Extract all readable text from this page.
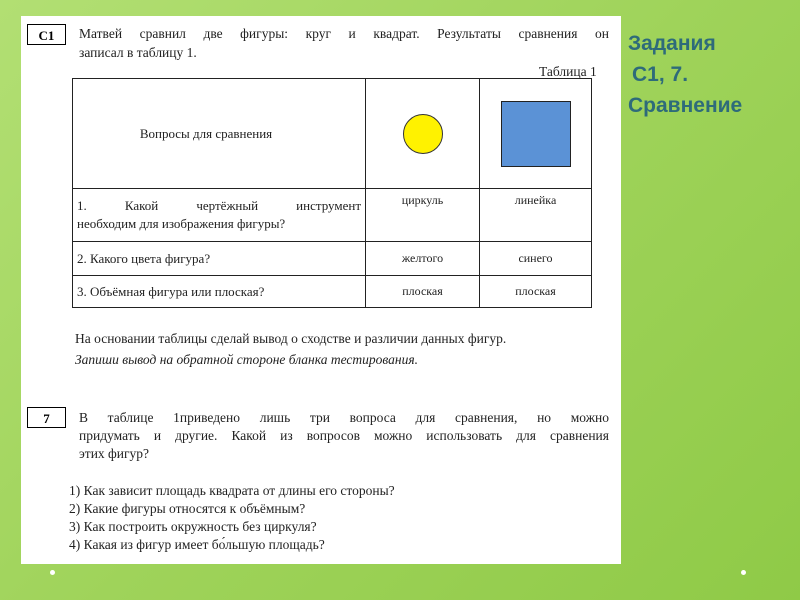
Задания
С1, 7.
Сравнение
С1	Матвей сравнил две фигуры: круг и квадрат. Результаты сравнения он
записал в таблицу 1.
Таблица 1
Вопросы для сравнения	

1. Какой чертёжный инструмент
необходим для изображения фигуры?	циркуль	линейка
2. Какого цвета фигура?	желтого	синего
3. Объёмная фигура или плоская?	плоская	плоская
На основании таблицы сделай вывод о сходстве и различии данных фигур.
Запиши вывод на обратной стороне бланка тестирования.
7	В таблице 1приведено лишь три вопроса для сравнения, но можно
придумать и другие. Какой из вопросов можно использовать для сравнения
этих фигур?
1) Как зависит площадь квадрата от длины его стороны?
2) Какие фигуры относятся к объёмным?
3) Как построить окружность без циркуля?
4) Какая из фигур имеет бо́льшую площадь?
